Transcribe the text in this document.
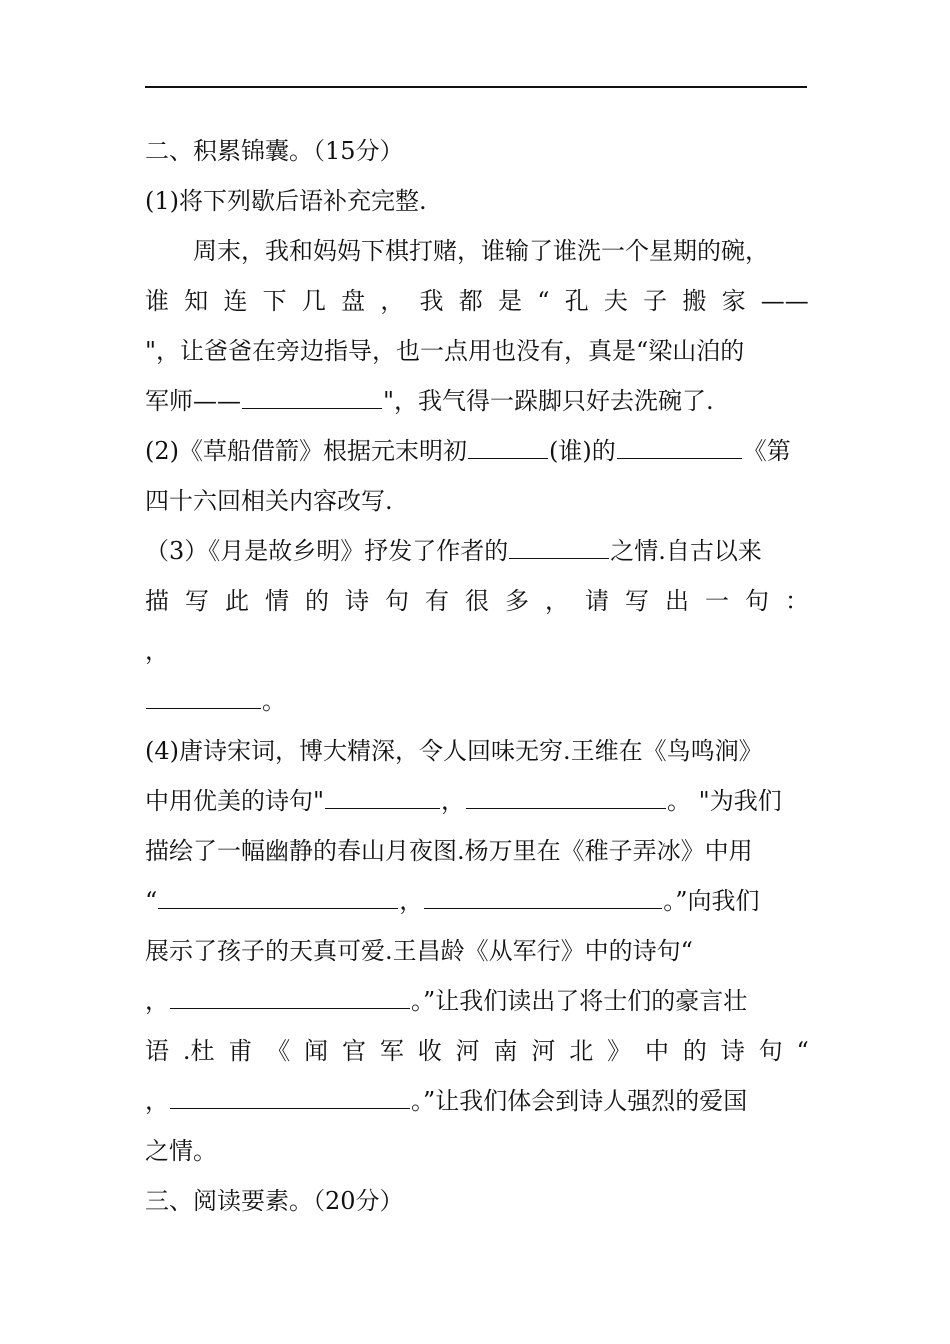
二、积累锦囊。（15分）

(1)将下列歇后语补充完整.

周末，我和妈妈下棋打赌，谁输了谁洗一个星期的碗，

谁 知 连 下 几 盘 ， 我 都 是 “ 孔 夫 子 搬 家 ——

"，让爸爸在旁边指导，也一点用也没有，真是“梁山泊的

军师——	"，我气得一跺脚只好去洗碗了.

(2)《草船借箭》根据元末明初	(谁)的	《第

四十六回相关内容改写.

（3）《月是故乡明》抒发了作者的	之情.自古以来

描 写 此 情 的 诗 句 有 很 多 ， 请 写 出 一 句 ：

，

。

(4)唐诗宋词，博大精深，令人回味无穷.王维在《鸟鸣涧》

中用优美的诗句"	，	。 "为我们

描绘了一幅幽静的春山月夜图.杨万里在《稚子弄冰》中用

“	，	。”向我们

展示了孩子的天真可爱.王昌龄《从军行》中的诗句“

，	。”让我们读出了将士们的豪言壮

语 .杜 甫 《 闻 官 军 收 河 南 河 北 》 中 的 诗 句 “

，	。”让我们体会到诗人强烈的爱国

之情。

三、阅读要素。（20分）
